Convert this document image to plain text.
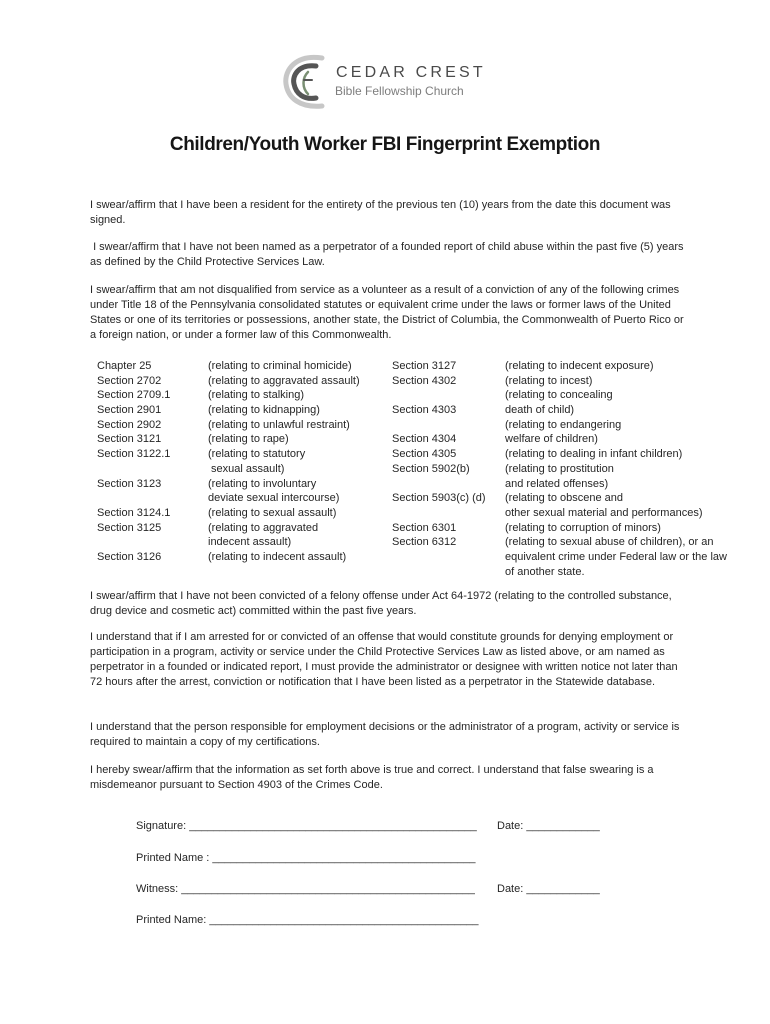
CEDAR CREST
Bible Fellowship Church
Children/Youth Worker FBI Fingerprint Exemption
I swear/affirm that I have been a resident for the entirety of the previous ten (10) years from the date this document was signed.
I swear/affirm that I have not been named as a perpetrator of a founded report of child abuse within the past five (5) years as defined by the Child Protective Services Law.
I swear/affirm that am not disqualified from service as a volunteer as a result of a conviction of any of the following crimes under Title 18 of the Pennsylvania consolidated statutes or equivalent crime under the laws or former laws of the United States or one of its territories or possessions, another state, the District of Columbia, the Commonwealth of Puerto Rico or a foreign nation, or under a former law of this Commonwealth.
Chapter 25
Section 2702
Section 2709.1
Section 2901
Section 2902
Section 3121
Section 3122.1
Section 3123
Section 3124.1
Section 3125
Section 3126
(relating to criminal homicide)
(relating to aggravated assault)
(relating to stalking)
(relating to kidnapping)
(relating to unlawful restraint)
(relating to rape)
(relating to statutory
sexual assault)
(relating to involuntary
deviate sexual intercourse)
(relating to sexual assault)
(relating to aggravated
indecent assault)
(relating to indecent assault)
Section 3127
Section 4302
Section 4303
Section 4304
Section 4305
Section 5902(b)
Section 5903(c) (d)
Section 6301
Section 6312
(relating to indecent exposure)
(relating to incest)
(relating to concealing
death of child)
(relating to endangering
welfare of children)
(relating to dealing in infant children)
(relating to prostitution
and related offenses)
(relating to obscene and
other sexual material and performances)
(relating to corruption of minors)
(relating to sexual abuse of children), or an
equivalent crime under Federal law or the law
of another state.
I swear/affirm that I have not been convicted of a felony offense under Act 64-1972 (relating to the controlled substance, drug device and cosmetic act) committed within the past five years.
I understand that if I am arrested for or convicted of an offense that would constitute grounds for denying employment or participation in a program, activity or service under the Child Protective Services Law as listed above, or am named as perpetrator in a founded or indicated report, I must provide the administrator or designee with written notice not later than 72 hours after the arrest, conviction or notification that I have been listed as a perpetrator in the Statewide database.
I understand that the person responsible for employment decisions or the administrator of a program, activity or service is required to maintain a copy of my certifications.
I hereby swear/affirm that the information as set forth above is true and correct. I understand that false swearing is a misdemeanor pursuant to Section 4903 of the Crimes Code.
Signature: _______________________________________________ Date: ____________
Printed Name : ___________________________________________
Witness: ________________________________________________ Date: ____________
Printed Name: ____________________________________________
